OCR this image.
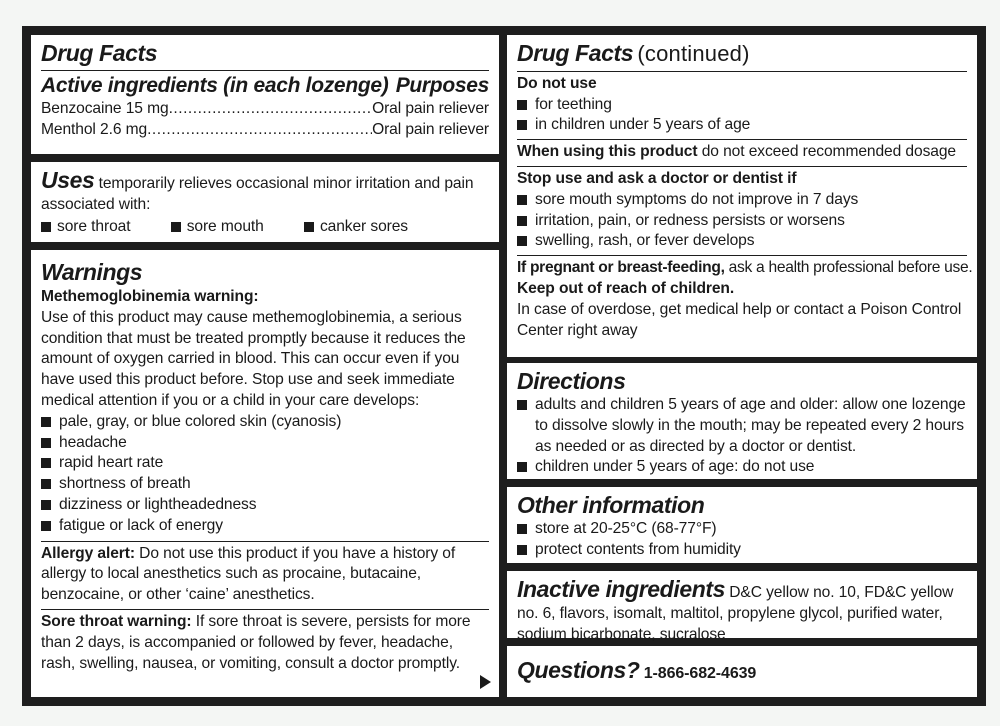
Drug Facts
Active ingredients (in each lozenge) Purposes
Benzocaine 15 mg .....	Oral pain reliever
Menthol 2.6 mg .....	Oral pain reliever
Uses temporarily relieves occasional minor irritation and pain associated with:
sore throat
	sore mouth
	canker sores
Warnings
Methemoglobinemia warning:
Use of this product may cause methemoglobinemia, a serious condition that must be treated promptly because it reduces the amount of oxygen carried in blood. This can occur even if you have used this product before. Stop use and seek immediate medical attention if you or a child in your care develops:
pale, gray, or blue colored skin (cyanosis)
headache
rapid heart rate
shortness of breath
dizziness or lightheadedness
fatigue or lack of energy
Allergy alert: Do not use this product if you have a history of allergy to local anesthetics such as procaine, butacaine, benzocaine, or other ‘caine’ anesthetics.
Sore throat warning: If sore throat is severe, persists for more than 2 days, is accompanied or followed by fever, headache, rash, swelling, nausea, or vomiting, consult a doctor promptly.
Drug Facts (continued)
Do not use
for teething
in children under 5 years of age
When using this product do not exceed recommended dosage
Stop use and ask a doctor or dentist if
sore mouth symptoms do not improve in 7 days
irritation, pain, or redness persists or worsens
swelling, rash, or fever develops
If pregnant or breast-feeding, ask a health professional before use.
Keep out of reach of children.
In case of overdose, get medical help or contact a Poison Control Center right away
Directions
adults and children 5 years of age and older: allow one lozenge to dissolve slowly in the mouth; may be repeated every 2 hours as needed or as directed by a doctor or dentist.
children under 5 years of age: do not use
Other information
store at 20-25°C (68-77°F)
protect contents from humidity
Inactive ingredients D&C yellow no. 10, FD&C yellow no. 6, flavors, isomalt, maltitol, propylene glycol, purified water, sodium bicarbonate, sucralose
Questions? 1-866-682-4639
